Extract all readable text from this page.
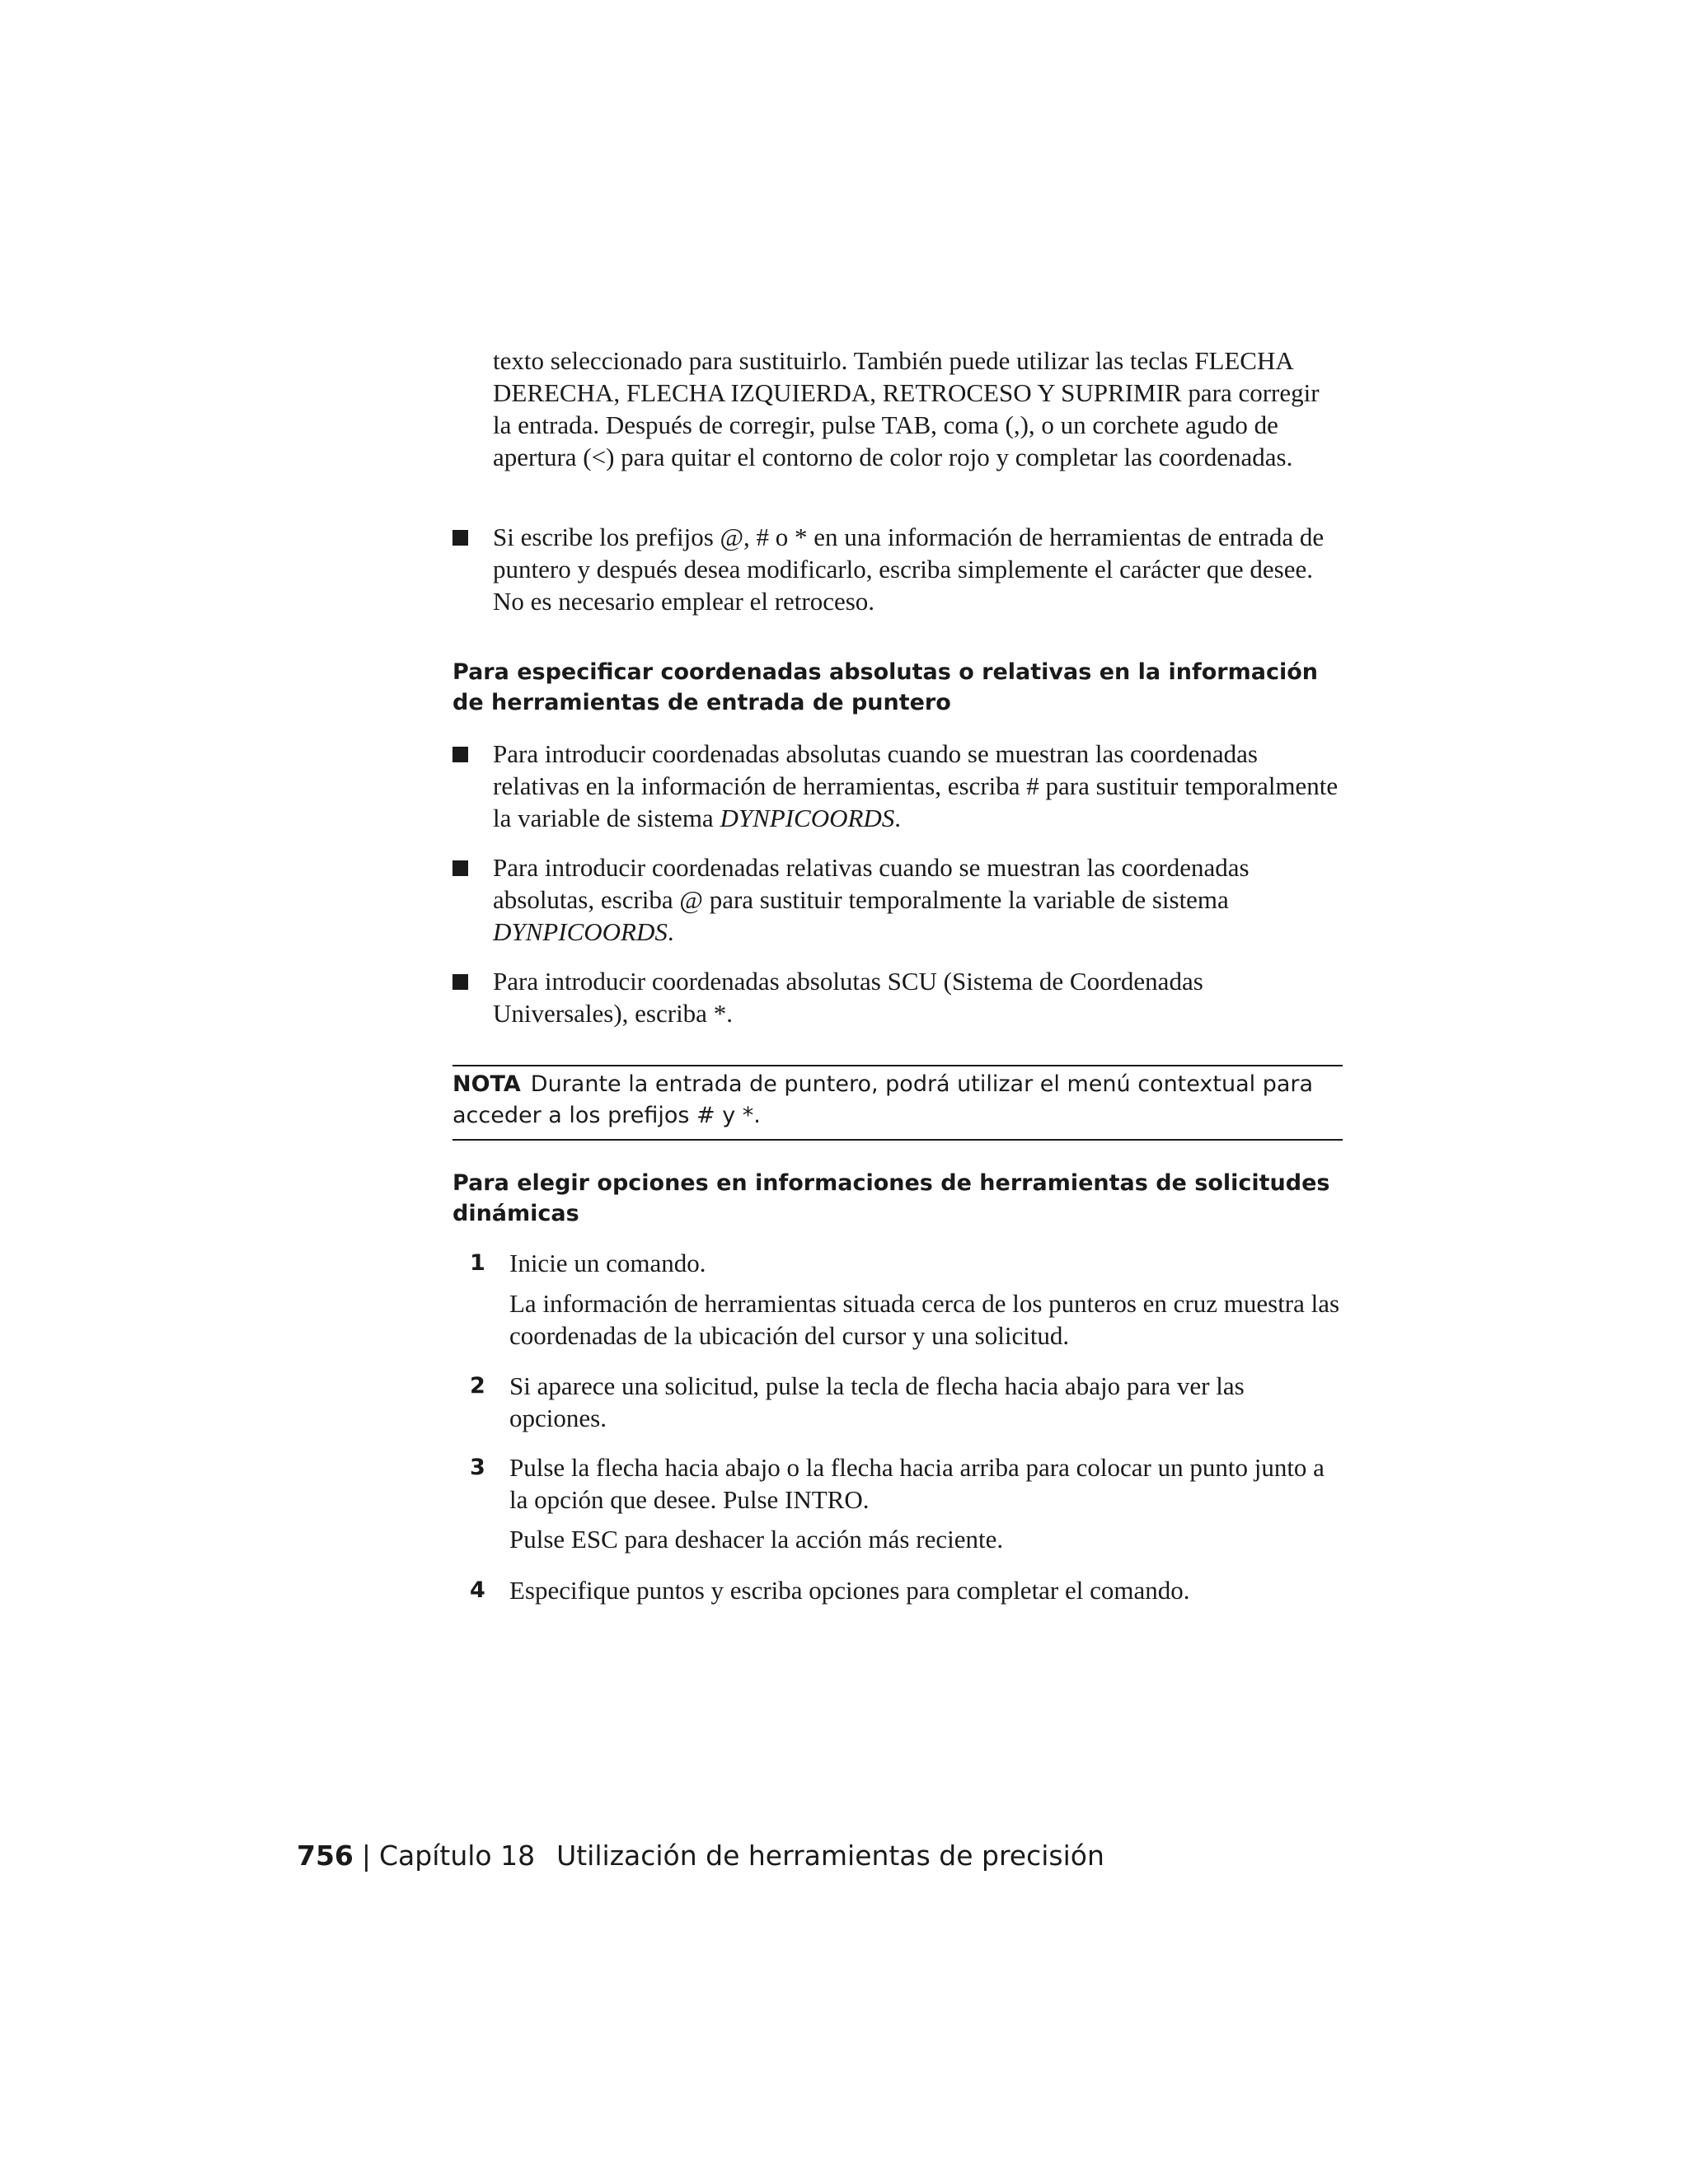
texto seleccionado para sustituirlo. También puede utilizar las teclas FLECHA DERECHA, FLECHA IZQUIERDA, RETROCESO Y SUPRIMIR para corregir la entrada. Después de corregir, pulse TAB, coma (,), o un corchete agudo de apertura (<) para quitar el contorno de color rojo y completar las coordenadas.

Si escribe los prefijos @, # o * en una información de herramientas de entrada de puntero y después desea modificarlo, escriba simplemente el carácter que desee. No es necesario emplear el retroceso.

Para especificar coordenadas absolutas o relativas en la información de herramientas de entrada de puntero

Para introducir coordenadas absolutas cuando se muestran las coordenadas relativas en la información de herramientas, escriba # para sustituir temporalmente la variable de sistema DYNPICOORDS.

Para introducir coordenadas relativas cuando se muestran las coordenadas absolutas, escriba @ para sustituir temporalmente la variable de sistema DYNPICOORDS.

Para introducir coordenadas absolutas SCU (Sistema de Coordenadas Universales), escriba *.

NOTA Durante la entrada de puntero, podrá utilizar el menú contextual para acceder a los prefijos # y *.

Para elegir opciones en informaciones de herramientas de solicitudes dinámicas
1 Inicie un comando.

La información de herramientas situada cerca de los punteros en cruz muestra las coordenadas de la ubicación del cursor y una solicitud.

2 Si aparece una solicitud, pulse la tecla de flecha hacia abajo para ver las opciones.

3 Pulse la flecha hacia abajo o la flecha hacia arriba para colocar un punto junto a la opción que desee. Pulse INTRO.

Pulse ESC para deshacer la acción más reciente.

4 Especifique puntos y escriba opciones para completar el comando.

756 | Capítulo 18 Utilización de herramientas de precisión
